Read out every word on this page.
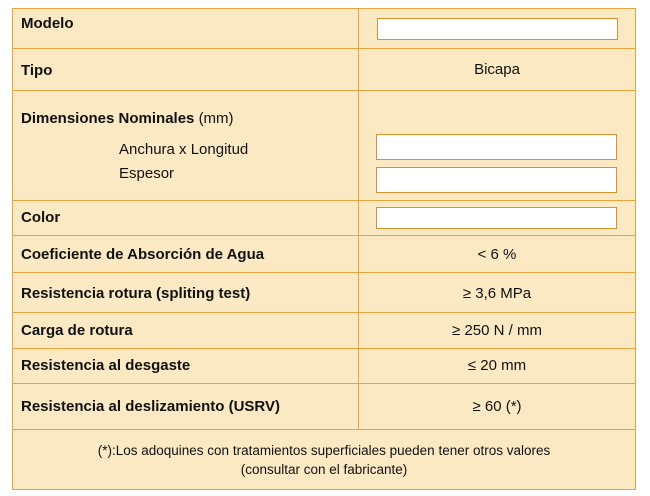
Modelo
Tipo	Bicapa
Dimensiones Nominales (mm)
Anchura x Longitud
Espesor
Color
Coeficiente de Absorción de Agua	< 6 %
Resistencia rotura (spliting test)	≥ 3,6 MPa
Carga de rotura	≥ 250 N / mm
Resistencia al desgaste	≤ 20 mm
Resistencia al deslizamiento (USRV)	≥ 60 (*)
(*):Los adoquines con tratamientos superficiales pueden tener otros valores
(consultar con el fabricante)
